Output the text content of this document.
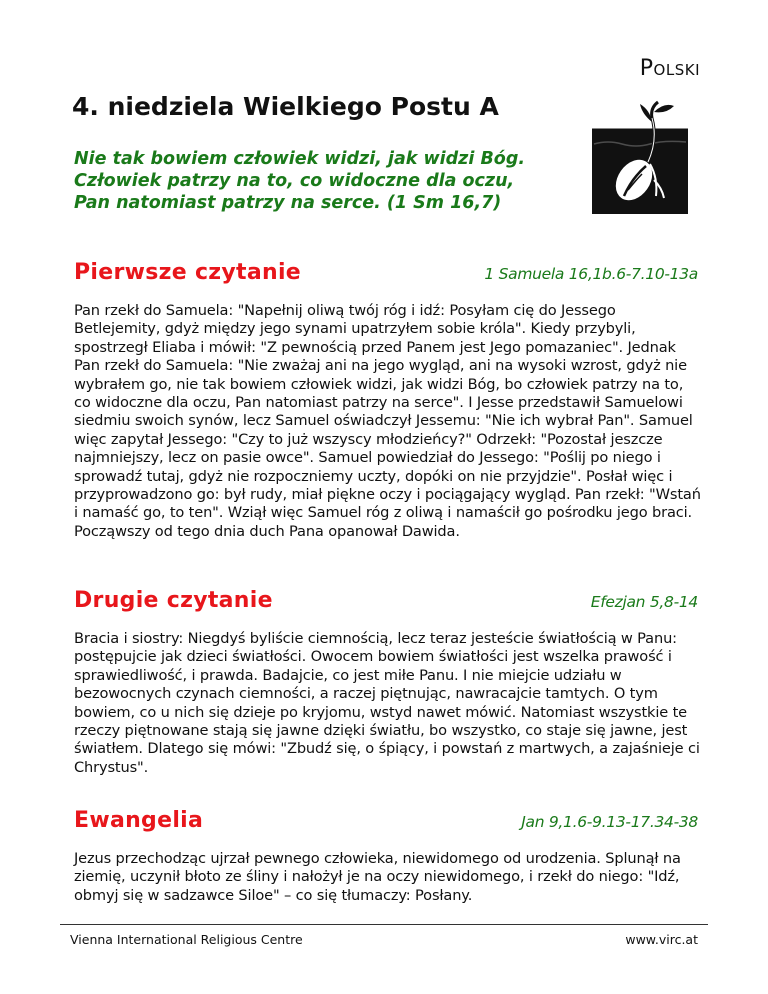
Polski
4. niedziela Wielkiego Postu A

Nie tak bowiem człowiek widzi, jak widzi Bóg.

Człowiek patrzy na to, co widoczne dla oczu,

Pan natomiast patrzy na serce. (1 Sm 16,7)

Pierwsze czytanie	1 Samuela 16,1b.6-7.10-13a

Pan rzekł do Samuela: "Napełnij oliwą twój róg i idź: Posyłam cię do Jessego Betlejemity, gdyż między jego synami upatrzyłem sobie króla". Kiedy przybyli, spostrzegł Eliaba i mówił: "Z pewnością przed Panem jest Jego pomazaniec". Jednak Pan rzekł do Samuela: "Nie zważaj ani na jego wygląd, ani na wysoki wzrost, gdyż nie wybrałem go, nie tak bowiem człowiek widzi, jak widzi Bóg, bo człowiek patrzy na to, co widoczne dla oczu, Pan natomiast patrzy na serce". I Jesse przedstawił Samuelowi siedmiu swoich synów, lecz Samuel oświadczył Jessemu: "Nie ich wybrał Pan". Samuel więc zapytał Jessego: "Czy to już wszyscy młodzieńcy?" Odrzekł: "Pozostał jeszcze najmniejszy, lecz on pasie owce". Samuel powiedział do Jessego: "Poślij po niego i sprowadź tutaj, gdyż nie rozpoczniemy uczty, dopóki on nie przyjdzie". Posłał więc i przyprowadzono go: był rudy, miał piękne oczy i pociągający wygląd. Pan rzekł: "Wstań i namaść go, to ten". Wziął więc Samuel róg z oliwą i namaścił go pośrodku jego braci. Począwszy od tego dnia duch Pana opanował Dawida.

Drugie czytanie	Efezjan 5,8-14

Bracia i siostry: Niegdyś byliście ciemnością, lecz teraz jesteście światłością w Panu: postępujcie jak dzieci światłości. Owocem bowiem światłości jest wszelka prawość i sprawiedliwość, i prawda. Badajcie, co jest miłe Panu. I nie miejcie udziału w bezowocnych czynach ciemności, a raczej piętnując, nawracajcie tamtych. O tym bowiem, co u nich się dzieje po kryjomu, wstyd nawet mówić. Natomiast wszystkie te rzeczy piętnowane stają się jawne dzięki światłu, bo wszystko, co staje się jawne, jest światłem. Dlatego się mówi: "Zbudź się, o śpiący, i powstań z martwych, a zajaśnieje ci Chrystus".

Ewangelia	Jan 9,1.6-9.13-17.34-38

Jezus przechodząc ujrzał pewnego człowieka, niewidomego od urodzenia. Splunął na ziemię, uczynił błoto ze śliny i nałożył je na oczy niewidomego, i rzekł do niego: "Idź, obmyj się w sadzawce Siloe" – co się tłumaczy: Posłany.

Vienna International Religious Centre	www.virc.at
